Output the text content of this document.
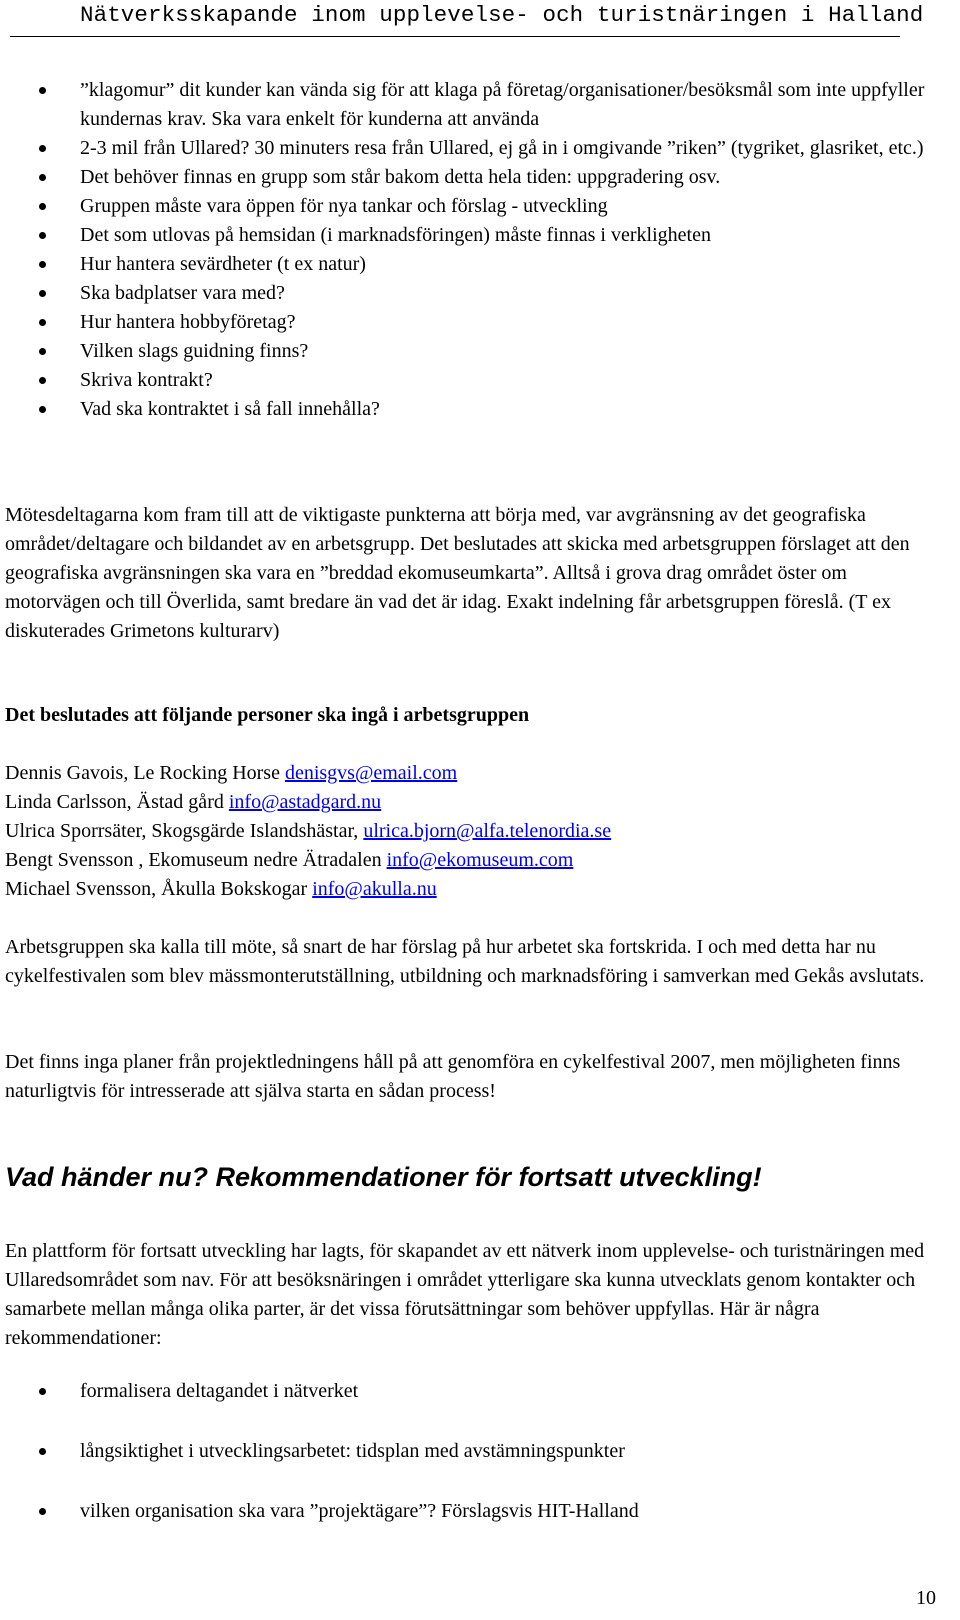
Nätverksskapande inom upplevelse- och turistnäringen i Halland
”klagomur” dit kunder kan vända sig för att klaga på företag/organisationer/besöksmål som inte uppfyller kundernas krav. Ska vara enkelt för kunderna att använda
2-3 mil från Ullared? 30 minuters resa från Ullared, ej gå in i omgivande ”riken” (tygriket, glasriket, etc.)
Det behöver finnas en grupp som står bakom detta hela tiden: uppgradering osv.
Gruppen måste vara öppen för nya tankar och förslag - utveckling
Det som utlovas på hemsidan (i marknadsföringen) måste finnas i verkligheten
Hur hantera sevärdheter (t ex natur)
Ska badplatser vara med?
Hur hantera hobbyföretag?
Vilken slags guidning finns?
Skriva kontrakt?
Vad ska kontraktet i så fall innehålla?

Mötesdeltagarna kom fram till att de viktigaste punkterna att börja med, var avgränsning av det geografiska området/deltagare och bildandet av en arbetsgrupp. Det beslutades att skicka med arbetsgruppen förslaget att den geografiska avgränsningen ska vara en ”breddad ekomuseumkarta”. Alltså i grova drag området öster om motorvägen och till Överlida, samt bredare än vad det är idag. Exakt indelning får arbetsgruppen föreslå. (T ex diskuterades Grimetons kulturarv)

Det beslutades att följande personer ska ingå i arbetsgruppen

Dennis Gavois, Le Rocking Horse denisgvs@email.com
Linda Carlsson, Ästad gård info@astadgard.nu
Ulrica Sporrsäter, Skogsgärde Islandshästar, ulrica.bjorn@alfa.telenordia.se
Bengt Svensson , Ekomuseum nedre Ätradalen info@ekomuseum.com
Michael Svensson, Åkulla Bokskogar info@akulla.nu

Arbetsgruppen ska kalla till möte, så snart de har förslag på hur arbetet ska fortskrida. I och med detta har nu cykelfestivalen som blev mässmonterutställning, utbildning och marknadsföring i samverkan med Gekås avslutats.

Det finns inga planer från projektledningens håll på att genomföra en cykelfestival 2007, men möjligheten finns naturligtvis för intresserade att själva starta en sådan process!

Vad händer nu? Rekommendationer för fortsatt utveckling!

En plattform för fortsatt utveckling har lagts, för skapandet av ett nätverk inom upplevelse- och turistnäringen med Ullaredsområdet som nav. För att besöksnäringen i området ytterligare ska kunna utvecklats genom kontakter och samarbete mellan många olika parter, är det vissa förutsättningar som behöver uppfyllas. Här är några rekommendationer:

formalisera deltagandet i nätverket
långsiktighet i utvecklingsarbetet: tidsplan med avstämningspunkter
vilken organisation ska vara ”projektägare”? Förslagsvis HIT-Halland

10
